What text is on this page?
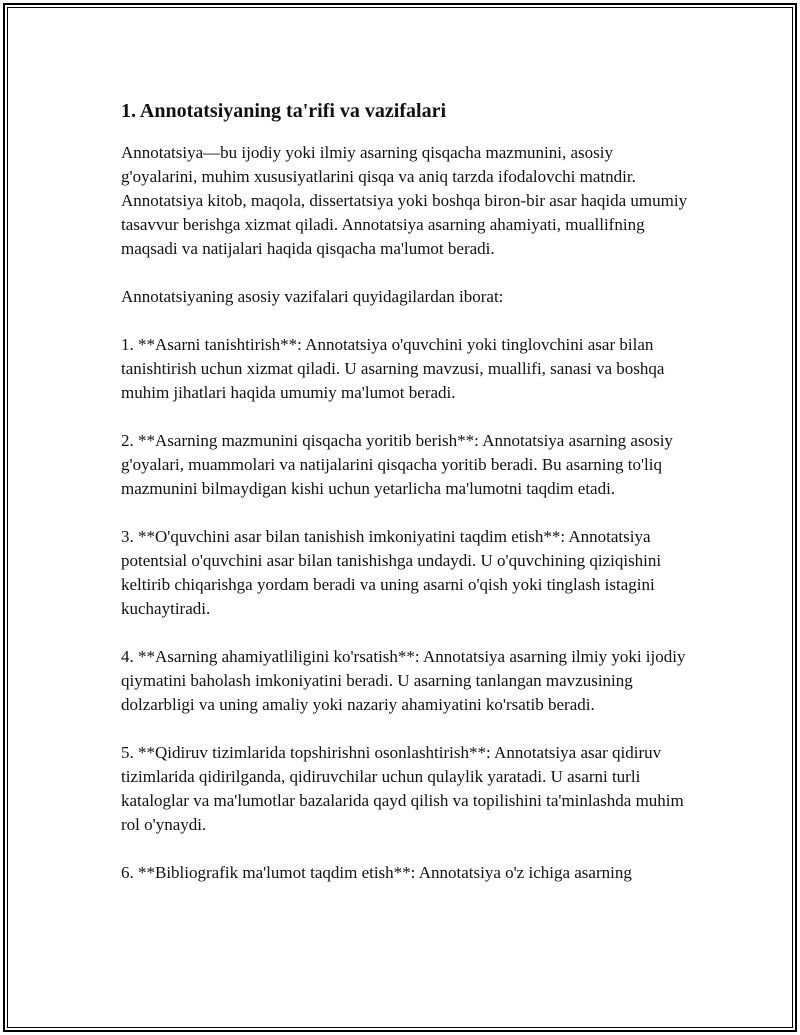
1. Annotatsiyaning ta'rifi va vazifalari

Annotatsiya—bu ijodiy yoki ilmiy asarning qisqacha mazmunini, asosiy g'oyalarini, muhim xususiyatlarini qisqa va aniq tarzda ifodalovchi matndir. Annotatsiya kitob, maqola, dissertatsiya yoki boshqa biron-bir asar haqida umumiy tasavvur berishga xizmat qiladi. Annotatsiya asarning ahamiyati, muallifning maqsadi va natijalari haqida qisqacha ma'lumot beradi.

Annotatsiyaning asosiy vazifalari quyidagilardan iborat:

1. **Asarni tanishtirish**: Annotatsiya o'quvchini yoki tinglovchini asar bilan tanishtirish uchun xizmat qiladi. U asarning mavzusi, muallifi, sanasi va boshqa muhim jihatlari haqida umumiy ma'lumot beradi.

2. **Asarning mazmunini qisqacha yoritib berish**: Annotatsiya asarning asosiy g'oyalari, muammolari va natijalarini qisqacha yoritib beradi. Bu asarning to'liq mazmunini bilmaydigan kishi uchun yetarlicha ma'lumotni taqdim etadi.

3. **O'quvchini asar bilan tanishish imkoniyatini taqdim etish**: Annotatsiya potentsial o'quvchini asar bilan tanishishga undaydi. U o'quvchining qiziqishini keltirib chiqarishga yordam beradi va uning asarni o'qish yoki tinglash istagini kuchaytiradi.

4. **Asarning ahamiyatliligini ko'rsatish**: Annotatsiya asarning ilmiy yoki ijodiy qiymatini baholash imkoniyatini beradi. U asarning tanlangan mavzusining dolzarbligi va uning amaliy yoki nazariy ahamiyatini ko'rsatib beradi.

5. **Qidiruv tizimlarida topshirishni osonlashtirish**: Annotatsiya asar qidiruv tizimlarida qidirilganda, qidiruvchilar uchun qulaylik yaratadi. U asarni turli kataloglar va ma'lumotlar bazalarida qayd qilish va topilishini ta'minlashda muhim rol o'ynaydi.

6. **Bibliografik ma'lumot taqdim etish**: Annotatsiya o'z ichiga asarning
